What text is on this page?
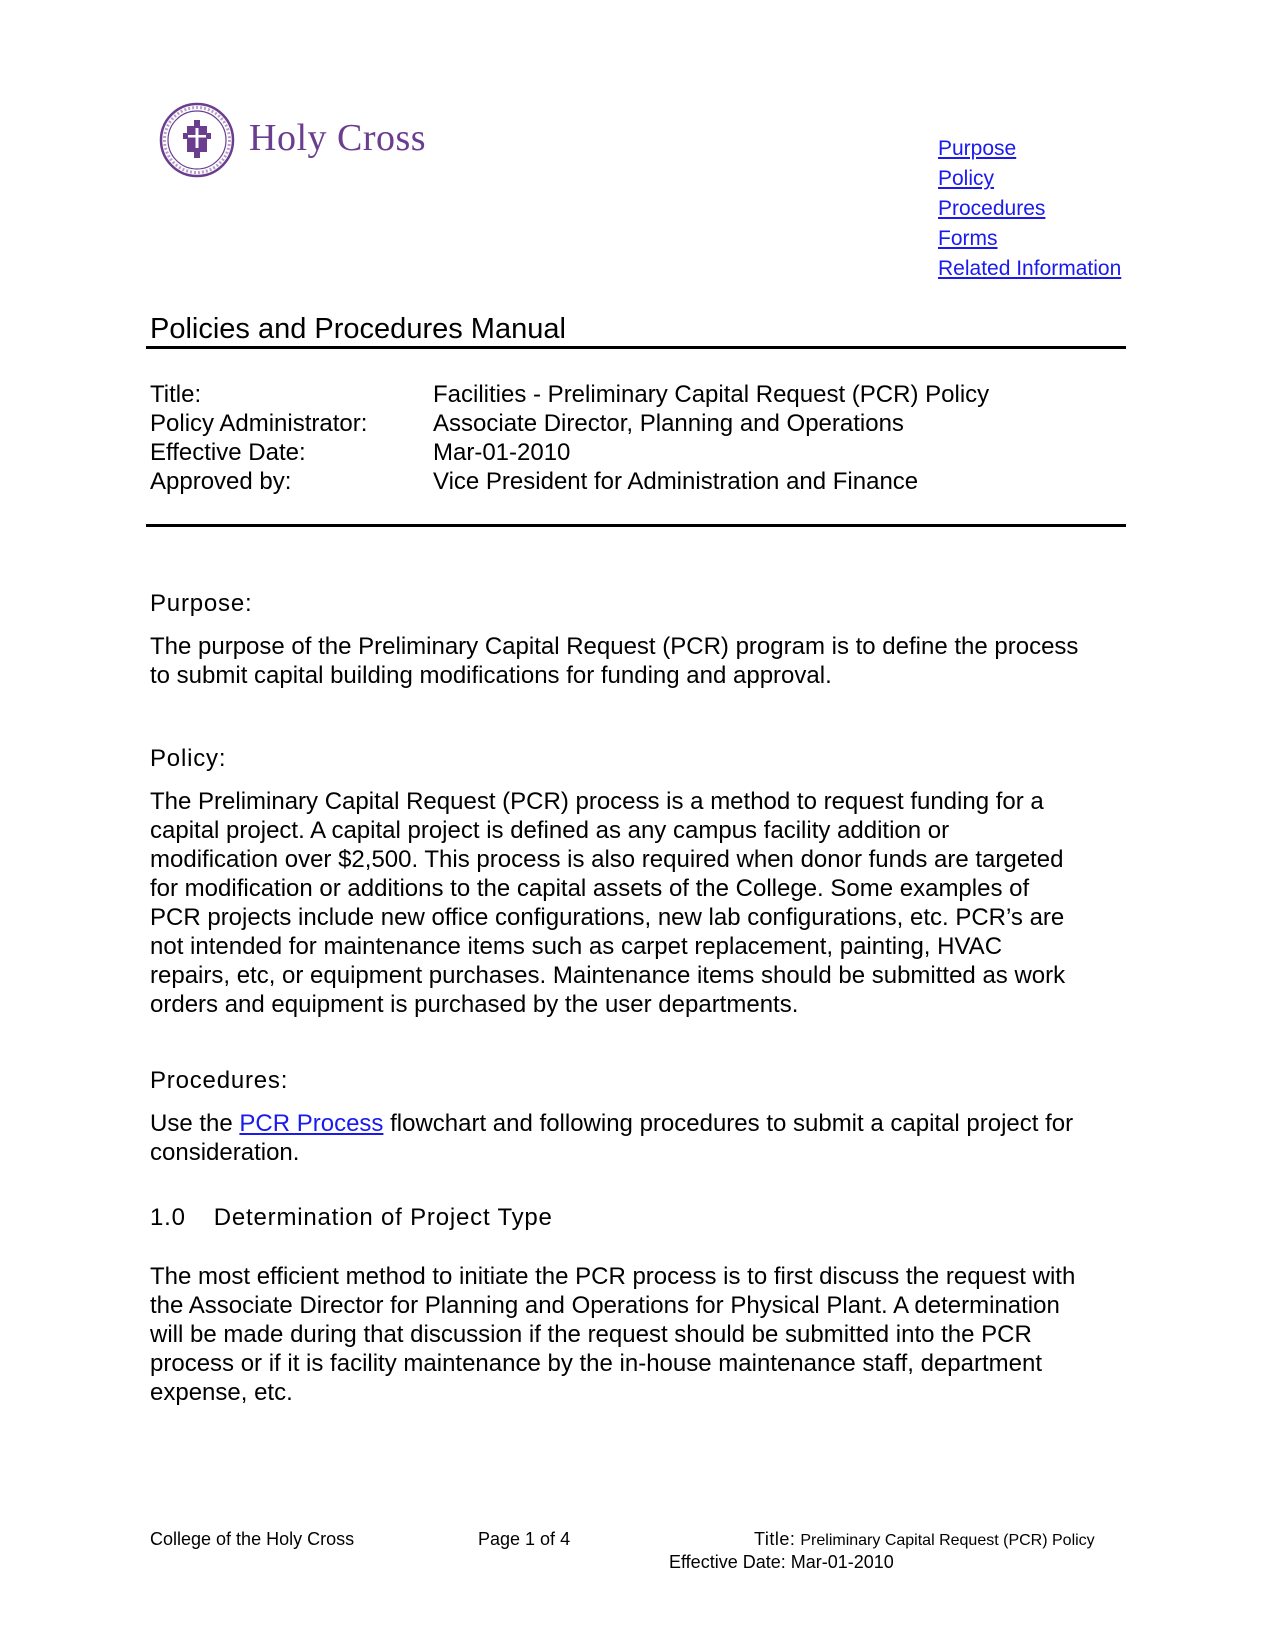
Holy Cross	Purpose
Policy
Procedures
Forms
Related Information
Policies and Procedures Manual
Title:	Facilities - Preliminary Capital Request (PCR) Policy
Policy Administrator:	Associate Director, Planning and Operations
Effective Date:	Mar-01-2010
Approved by:	Vice President for Administration and Finance
Purpose:
The purpose of the Preliminary Capital Request (PCR) program is to define the process
to submit capital building modifications for funding and approval.
Policy:
The Preliminary Capital Request (PCR) process is a method to request funding for a
capital project. A capital project is defined as any campus facility addition or
modification over $2,500. This process is also required when donor funds are targeted
for modification or additions to the capital assets of the College. Some examples of
PCR projects include new office configurations, new lab configurations, etc. PCR’s are
not intended for maintenance items such as carpet replacement, painting, HVAC
repairs, etc, or equipment purchases. Maintenance items should be submitted as work
orders and equipment is purchased by the user departments.
Procedures:
Use the PCR Process flowchart and following procedures to submit a capital project for
consideration.
1.0 Determination of Project Type
The most efficient method to initiate the PCR process is to first discuss the request with
the Associate Director for Planning and Operations for Physical Plant. A determination
will be made during that discussion if the request should be submitted into the PCR
process or if it is facility maintenance by the in-house maintenance staff, department
expense, etc.
College of the Holy Cross	Page 1 of 4	Title: Preliminary Capital Request (PCR) Policy
Effective Date: Mar-01-2010
